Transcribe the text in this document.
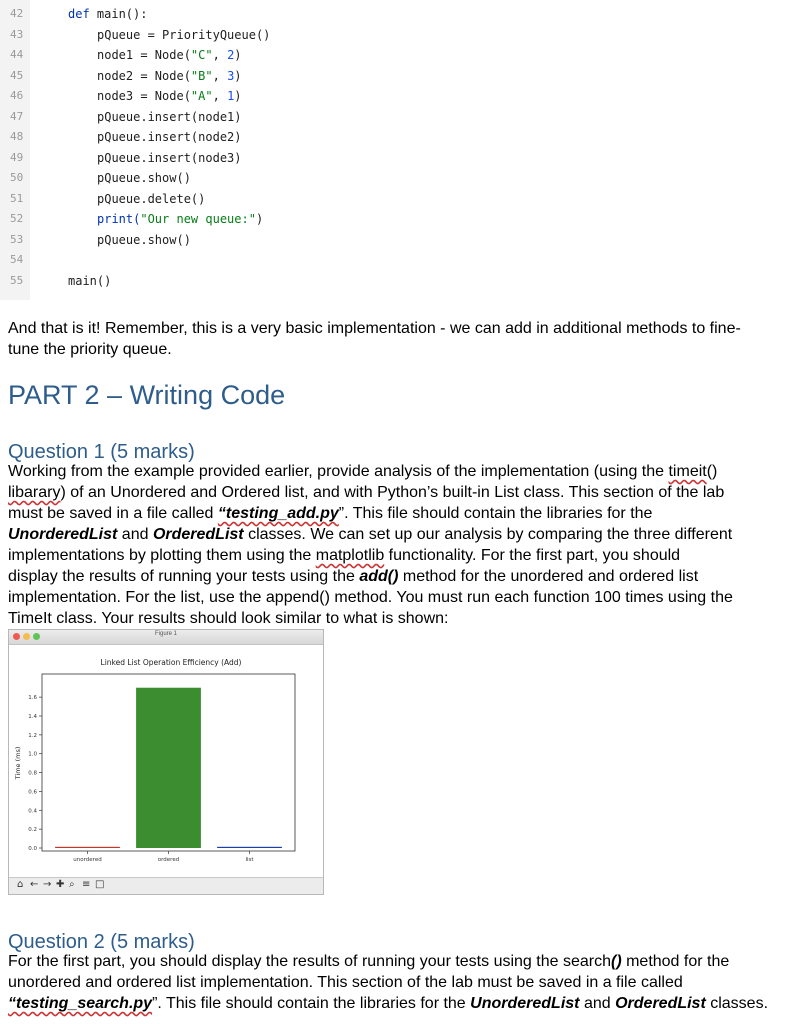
42	def main():
43	pQueue = PriorityQueue()
44	node1 = Node("C", 2)
45	node2 = Node("B", 3)
46	node3 = Node("A", 1)
47	pQueue.insert(node1)
48	pQueue.insert(node2)
49	pQueue.insert(node3)
50	pQueue.show()
51	pQueue.delete()
52	print("Our new queue:")
53	pQueue.show()
54
55	main()
And that is it! Remember, this is a very basic implementation - we can add in additional methods to fine-
tune the priority queue.
PART 2 – Writing Code
Question 1 (5 marks)
Working from the example provided earlier, provide analysis of the implementation (using the timeit()
libarary) of an Unordered and Ordered list, and with Python’s built-in List class. This section of the lab
must be saved in a file called “testing_add.py”. This file should contain the libraries for the
UnorderedList and OrderedList classes. We can set up our analysis by comparing the three different
implementations by plotting them using the matplotlib functionality. For the first part, you should
display the results of running your tests using the add() method for the unordered and ordered list
implementation. For the list, use the append() method. You must run each function 100 times using the
TimeIt class. Your results should look similar to what is shown:
Figure 1
Linked List Operation Efficiency (Add)
Time (ms)
0.0
0.2
0.4
0.6
0.8
1.0
1.2
1.4
1.6
unordered	ordered	list
⌂ ← → ✚ ⌕ ≡ □
Question 2 (5 marks)
For the first part, you should display the results of running your tests using the search() method for the
unordered and ordered list implementation. This section of the lab must be saved in a file called
“testing_search.py”. This file should contain the libraries for the UnorderedList and OrderedList classes.
